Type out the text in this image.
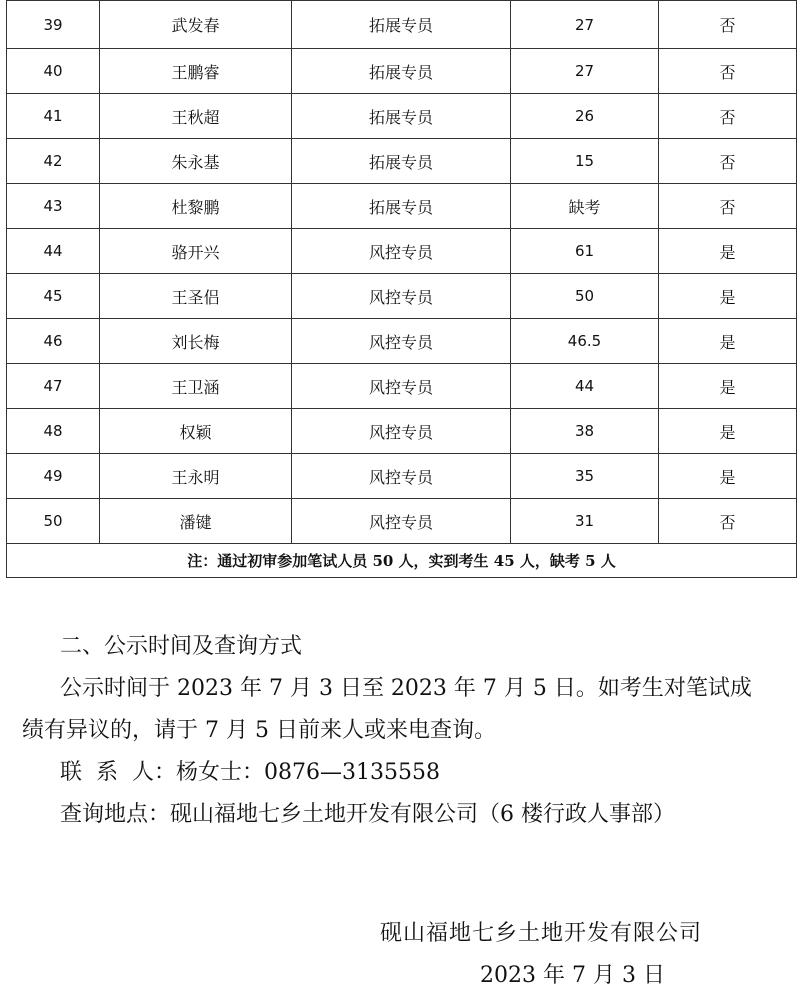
39	武发春	拓展专员	27	否
40	王鹏睿	拓展专员	27	否
41	王秋超	拓展专员	26	否
42	朱永基	拓展专员	15	否
43	杜黎鹏	拓展专员	缺考	否
44	骆开兴	风控专员	61	是
45	王圣侣	风控专员	50	是
46	刘长梅	风控专员	46.5	是
47	王卫涵	风控专员	44	是
48	权颖	风控专员	38	是
49	王永明	风控专员	35	是
50	潘键	风控专员	31	否
注：通过初审参加笔试人员 50 人，实到考生 45 人，缺考 5 人				
二、公示时间及查询方式
公示时间于 2023 年 7 月 3 日至 2023 年 7 月 5 日。如考生对笔试成绩有异议的，请于 7 月 5 日前来人或来电查询。
联  系  人：杨女士：0876—3135558
查询地点：砚山福地七乡土地开发有限公司（6 楼行政人事部）
砚山福地七乡土地开发有限公司
2023 年 7 月 3 日
